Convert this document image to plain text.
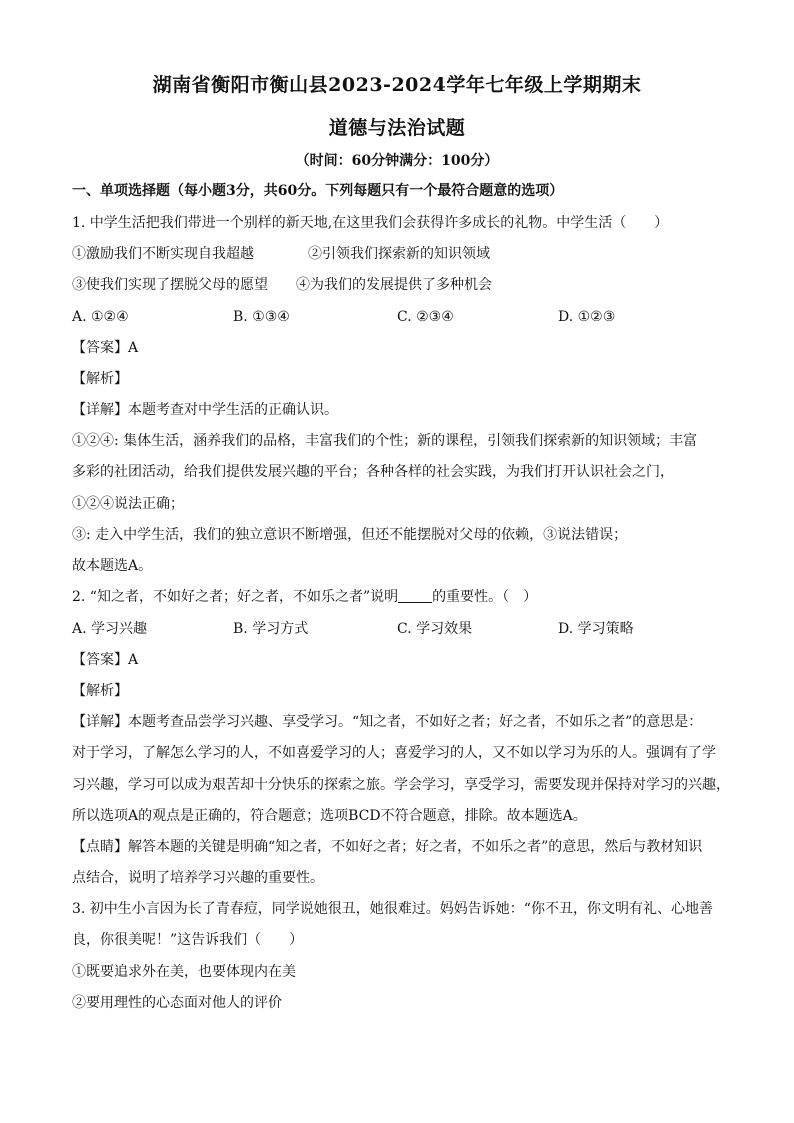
湖南省衡阳市衡山县2023-2024学年七年级上学期期末
道德与法治试题
（时间：60分钟满分：100分）
一、单项选择题（每小题3分，共60分。下列每题只有一个最符合题意的选项）
1. 中学生活把我们带进一个别样的新天地,在这里我们会获得许多成长的礼物。中学生活（　　）
①激励我们不断实现自我超越	②引领我们探索新的知识领域
③使我们实现了摆脱父母的愿望 ④为我们的发展提供了多种机会
A. ①②④	B. ①③④	C. ②③④	D. ①②③
【答案】A
【解析】
【详解】本题考查对中学生活的正确认识。
①②④: 集体生活，涵养我们的品格，丰富我们的个性；新的课程，引领我们探索新的知识领域；丰富
多彩的社团活动，给我们提供发展兴趣的平台；各种各样的社会实践，为我们打开认识社会之门，
①②④说法正确；
③: 走入中学生活，我们的独立意识不断增强，但还不能摆脱对父母的依赖，③说法错误；
故本题选A。
2. “知之者，不如好之者；好之者，不如乐之者”说明 的重要性。（　）
A. 学习兴趣	B. 学习方式	C. 学习效果	D. 学习策略
【答案】A
【解析】
【详解】本题考查品尝学习兴趣、享受学习。“知之者，不如好之者；好之者，不如乐之者”的意思是：
对于学习，了解怎么学习的人，不如喜爱学习的人；喜爱学习的人，又不如以学习为乐的人。强调有了学
习兴趣，学习可以成为艰苦却十分快乐的探索之旅。学会学习，享受学习，需要发现并保持对学习的兴趣，
所以选项A的观点是正确的，符合题意；选项BCD不符合题意，排除。故本题选A。
【点睛】解答本题的关键是明确“知之者，不如好之者；好之者，不如乐之者”的意思，然后与教材知识
点结合，说明了培养学习兴趣的重要性。
3. 初中生小言因为长了青春痘，同学说她很丑，她很难过。妈妈告诉她：“你不丑，你文明有礼、心地善
良，你很美呢！”这告诉我们（　　）
①既要追求外在美，也要体现内在美
②要用理性的心态面对他人的评价
